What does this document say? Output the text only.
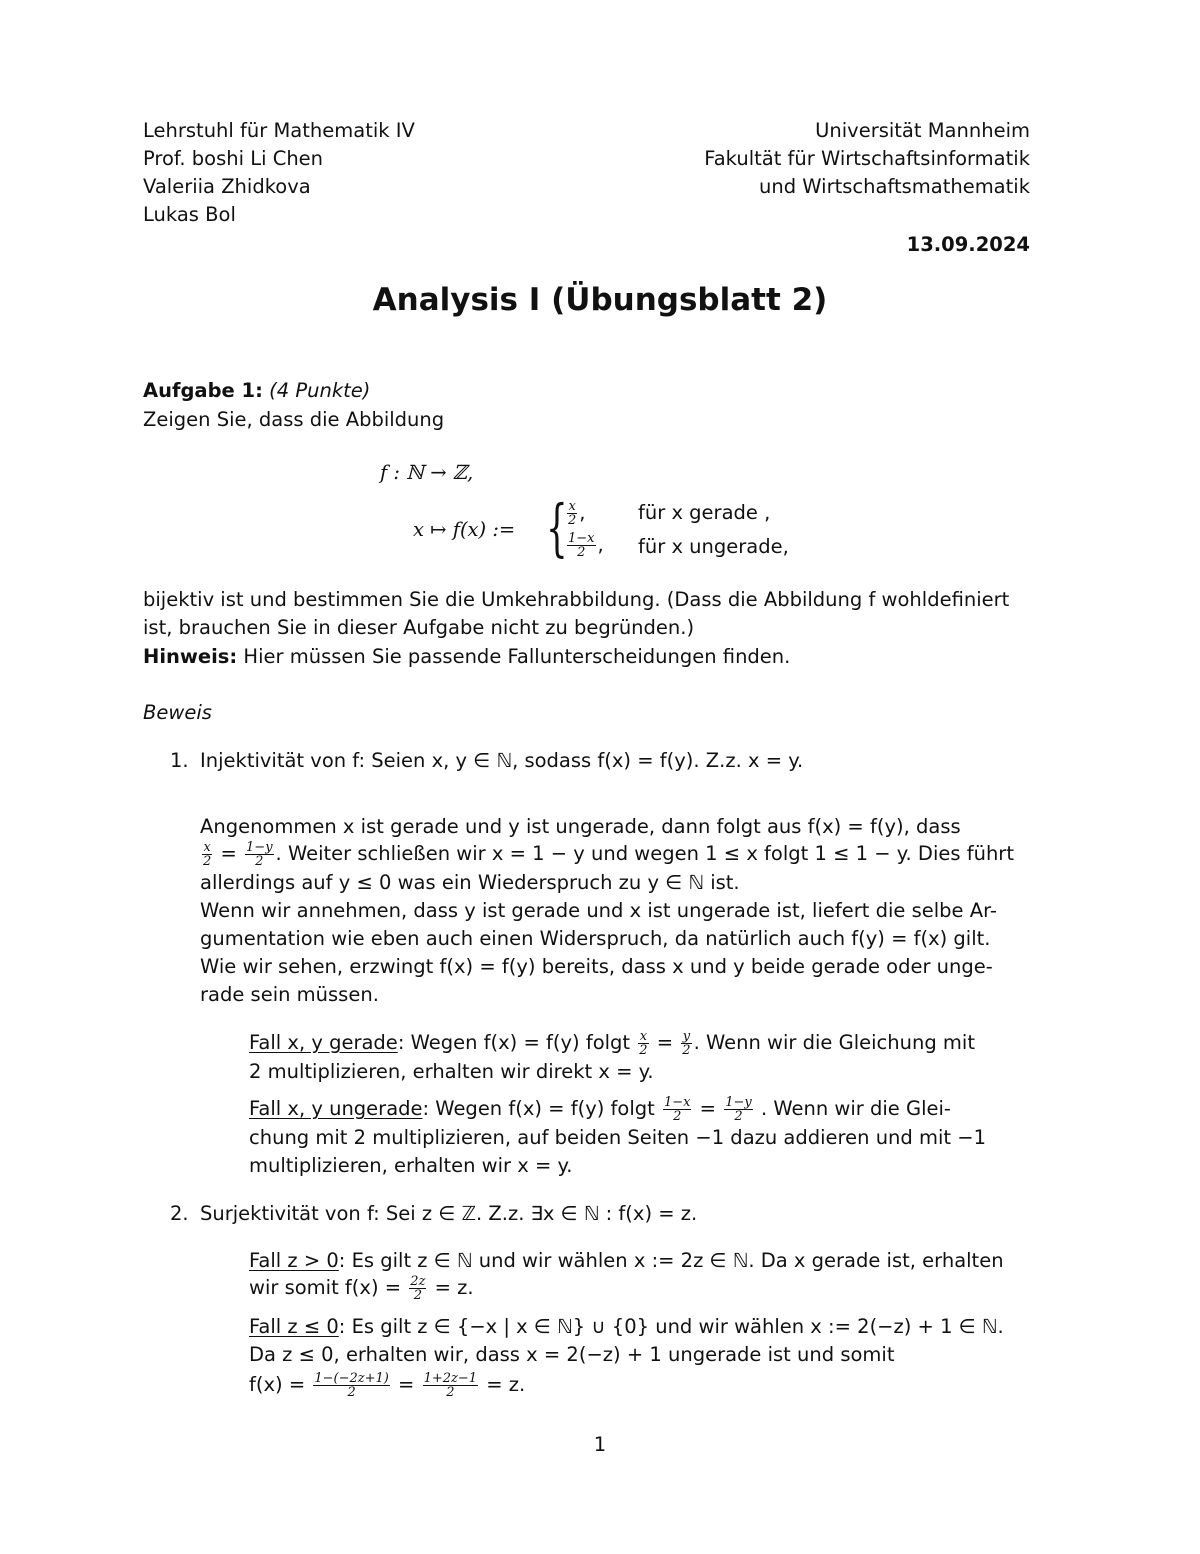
Lehrstuhl für Mathematik IV
Prof. boshi Li Chen
Valeriia Zhidkova
Lukas Bol
Universität Mannheim
Fakultät für Wirtschaftsinformatik
und Wirtschaftsmathematik
13.09.2024
Analysis I (Übungsblatt 2)
Aufgabe 1: (4 Punkte)
Zeigen Sie, dass die Abbildung
f : ℕ → ℤ,
x ↦ f(x) := { $\frac{x}{2}$ ,	für x gerade ,
$\frac{1-x}{2}$ , für x ungerade,
bijektiv ist und bestimmen Sie die Umkehrabbildung. (Dass die Abbildung f wohldefiniert
ist, brauchen Sie in dieser Aufgabe nicht zu begründen.)
Hinweis: Hier müssen Sie passende Fallunterscheidungen finden.
Beweis
1. Injektivität von f: Seien x, y ∈ ℕ, sodass f(x) = f(y). Z.z. x = y.
Angenommen x ist gerade und y ist ungerade, dann folgt aus f(x) = f(y), dass
$\frac{x}{2} = \frac{1-y}{2}$ . Weiter schließen wir x = 1 − y und wegen 1 ≤ x folgt 1 ≤ 1 − y. Dies führt
allerdings auf y ≤ 0 was ein Wiederspruch zu y ∈ ℕ ist.
Wenn wir annehmen, dass y ist gerade und x ist ungerade ist, liefert die selbe Ar-
gumentation wie eben auch einen Widerspruch, da natürlich auch f(y) = f(x) gilt.
Wie wir sehen, erzwingt f(x) = f(y) bereits, dass x und y beide gerade oder unge-
rade sein müssen.
Fall x, y gerade: Wegen f(x) = f(y) folgt $\frac{x}{2} = \frac{y}{2}$ . Wenn wir die Gleichung mit
2 multiplizieren, erhalten wir direkt x = y.
Fall x, y ungerade: Wegen f(x) = f(y) folgt $\frac{1-x}{2} = \frac{1-y}{2}$ . Wenn wir die Glei-
chung mit 2 multiplizieren, auf beiden Seiten −1 dazu addieren und mit −1
multiplizieren, erhalten wir x = y.
2. Surjektivität von f: Sei z ∈ ℤ. Z.z. ∃x ∈ ℕ : f(x) = z.
Fall z > 0: Es gilt z ∈ ℕ und wir wählen x := 2z ∈ ℕ. Da x gerade ist, erhalten
wir somit $f(x) = \frac{2z}{2} = z$.
Fall z ≤ 0: Es gilt z ∈ {−x | x ∈ ℕ} ∪ {0} und wir wählen x := 2(−z) + 1 ∈ ℕ.
Da z ≤ 0, erhalten wir, dass x = 2(−z) + 1 ungerade ist und somit
$f(x) = \frac{1-(-2z+1)}{2} = \frac{1+2z-1}{2} = z$.
1
